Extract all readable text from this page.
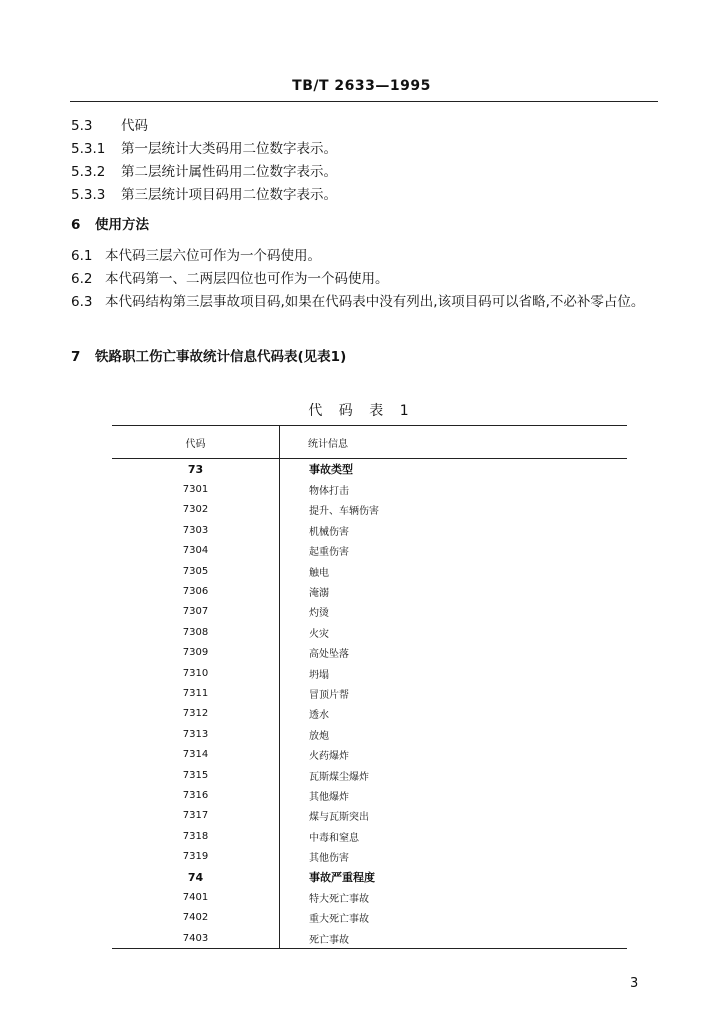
TB/T 2633—1995
5.3 代码
5.3.1 第一层统计大类码用二位数字表示。
5.3.2 第二层统计属性码用二位数字表示。
5.3.3 第三层统计项目码用二位数字表示。
6 使用方法
6.1 本代码三层六位可作为一个码使用。
6.2 本代码第一、二两层四位也可作为一个码使用。
6.3 本代码结构第三层事故项目码,如果在代码表中没有列出,该项目码可以省略,不必补零占位。
7 铁路职工伤亡事故统计信息代码表(见表1)
代 码 表 1
代码	统计信息
73	事故类型
7301	物体打击
7302	提升、车辆伤害
7303	机械伤害
7304	起重伤害
7305	触电
7306	淹溺
7307	灼烫
7308	火灾
7309	高处坠落
7310	坍塌
7311	冒顶片帮
7312	透水
7313	放炮
7314	火药爆炸
7315	瓦斯煤尘爆炸
7316	其他爆炸
7317	煤与瓦斯突出
7318	中毒和窒息
7319	其他伤害
74	事故严重程度
7401	特大死亡事故
7402	重大死亡事故
7403	死亡事故
3
